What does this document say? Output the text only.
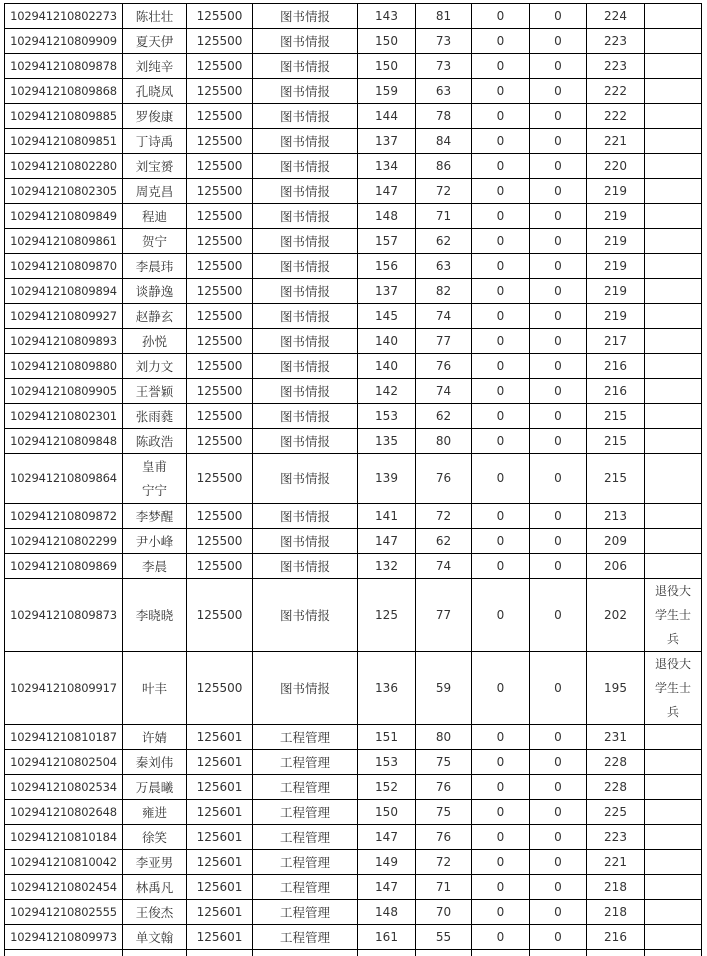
102941210802273	陈壮壮	125500	图书情报	143	81	0	0	224	
102941210809909	夏天伊	125500	图书情报	150	73	0	0	223	
102941210809878	刘纯辛	125500	图书情报	150	73	0	0	223	
102941210809868	孔晓凤	125500	图书情报	159	63	0	0	222	
102941210809885	罗俊康	125500	图书情报	144	78	0	0	222	
102941210809851	丁诗禹	125500	图书情报	137	84	0	0	221	
102941210802280	刘宝赟	125500	图书情报	134	86	0	0	220	
102941210802305	周克昌	125500	图书情报	147	72	0	0	219	
102941210809849	程迪	125500	图书情报	148	71	0	0	219	
102941210809861	贺宁	125500	图书情报	157	62	0	0	219	
102941210809870	李晨玮	125500	图书情报	156	63	0	0	219	
102941210809894	谈静逸	125500	图书情报	137	82	0	0	219	
102941210809927	赵静玄	125500	图书情报	145	74	0	0	219	
102941210809893	孙悦	125500	图书情报	140	77	0	0	217	
102941210809880	刘力文	125500	图书情报	140	76	0	0	216	
102941210809905	王誉颖	125500	图书情报	142	74	0	0	216	
102941210802301	张雨蕤	125500	图书情报	153	62	0	0	215	
102941210809848	陈政浩	125500	图书情报	135	80	0	0	215	
102941210809864	皇甫宁宁	125500	图书情报	139	76	0	0	215	
102941210809872	李梦醒	125500	图书情报	141	72	0	0	213	
102941210802299	尹小峰	125500	图书情报	147	62	0	0	209	
102941210809869	李晨	125500	图书情报	132	74	0	0	206	
102941210809873	李晓晓	125500	图书情报	125	77	0	0	202	退役大学生士兵
102941210809917	叶丰	125500	图书情报	136	59	0	0	195	退役大学生士兵
102941210810187	许婧	125601	工程管理	151	80	0	0	231	
102941210802504	秦刘伟	125601	工程管理	153	75	0	0	228	
102941210802534	万晨曦	125601	工程管理	152	76	0	0	228	
102941210802648	雍进	125601	工程管理	150	75	0	0	225	
102941210810184	徐笑	125601	工程管理	147	76	0	0	223	
102941210810042	李亚男	125601	工程管理	149	72	0	0	221	
102941210802454	林禹凡	125601	工程管理	147	71	0	0	218	
102941210802555	王俊杰	125601	工程管理	148	70	0	0	218	
102941210809973	单文翰	125601	工程管理	161	55	0	0	216	
